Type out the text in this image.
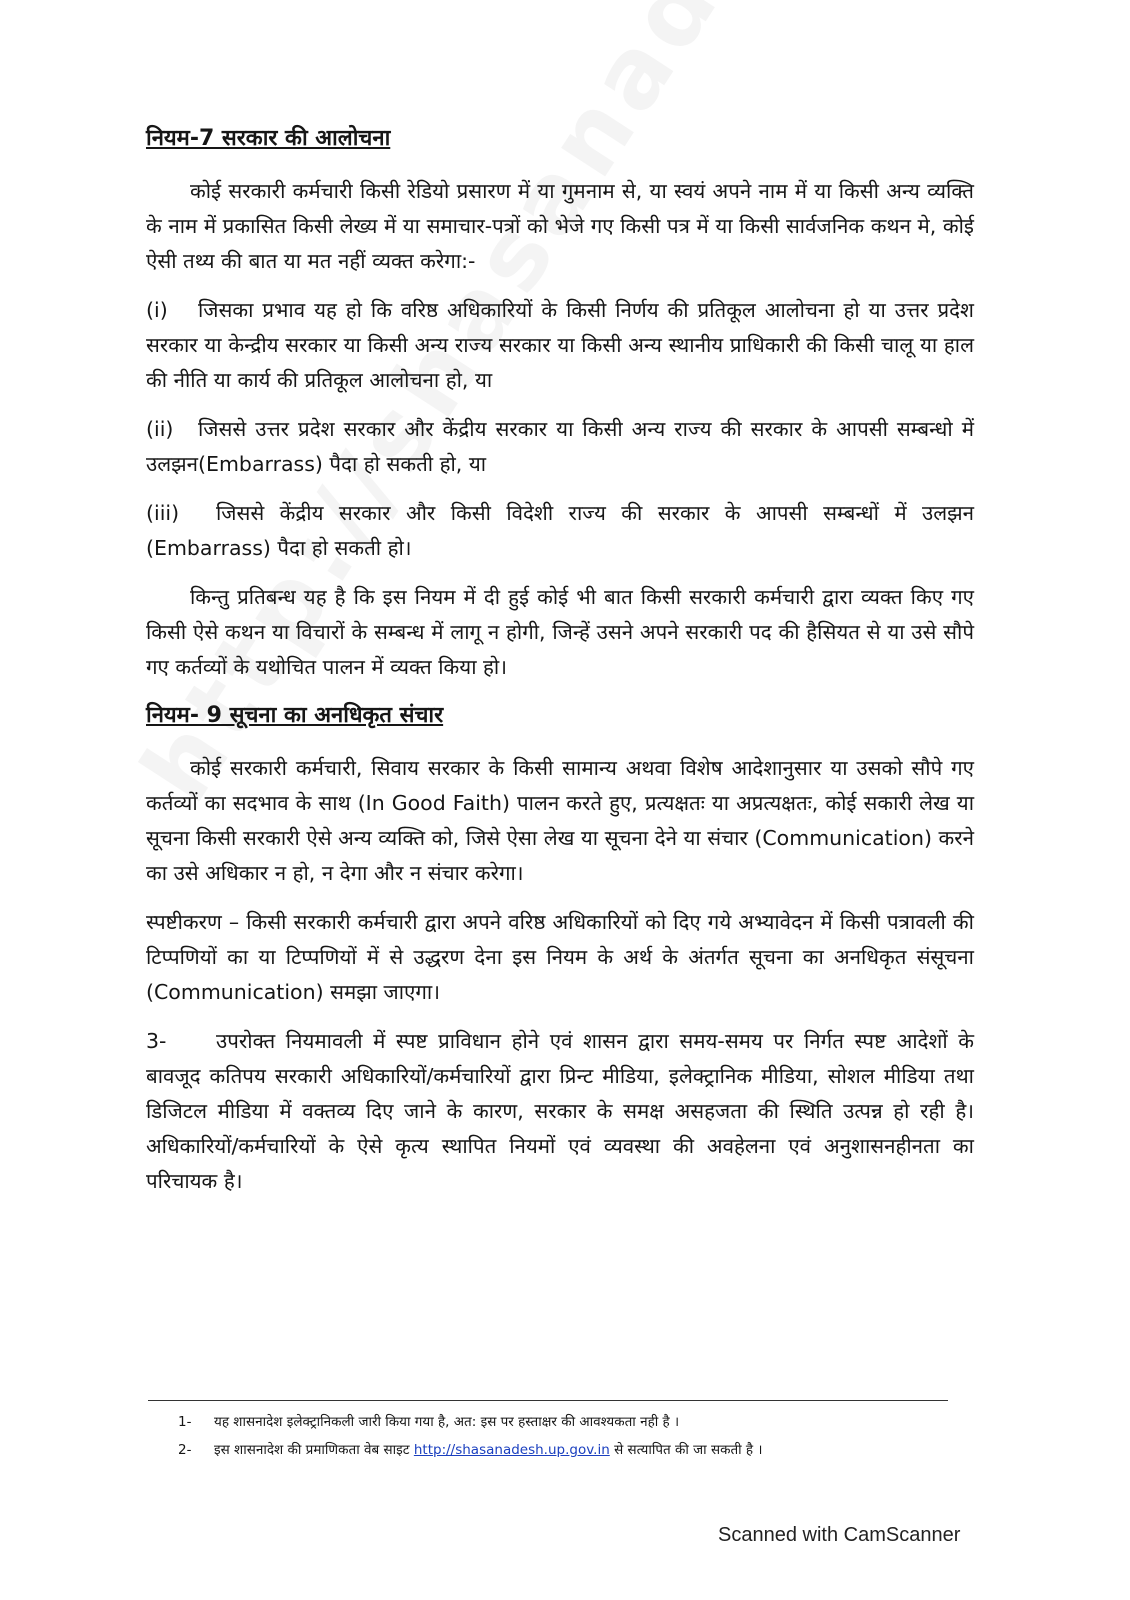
नियम-7 सरकार की आलोचना

कोई सरकारी कर्मचारी किसी रेडियो प्रसारण में या गुमनाम से, या स्वयं अपने नाम में या किसी अन्य व्यक्ति के नाम में प्रकासित किसी लेख्य में या समाचार-पत्रों को भेजे गए किसी पत्र में या किसी सार्वजनिक कथन मे, कोई ऐसी तथ्य की बात या मत नहीं व्यक्त करेगा:-

(i) जिसका प्रभाव यह हो कि वरिष्ठ अधिकारियों के किसी निर्णय की प्रतिकूल आलोचना हो या उत्तर प्रदेश सरकार या केन्द्रीय सरकार या किसी अन्य राज्य सरकार या किसी अन्य स्थानीय प्राधिकारी की किसी चालू या हाल की नीति या कार्य की प्रतिकूल आलोचना हो, या

(ii) जिससे उत्तर प्रदेश सरकार और केंद्रीय सरकार या किसी अन्य राज्य की सरकार के आपसी सम्बन्धो में उलझन(Embarrass) पैदा हो सकती हो, या

(iii) जिससे केंद्रीय सरकार और किसी विदेशी राज्य की सरकार के आपसी सम्बन्धों में उलझन (Embarrass) पैदा हो सकती हो।

किन्तु प्रतिबन्ध यह है कि इस नियम में दी हुई कोई भी बात किसी सरकारी कर्मचारी द्वारा व्यक्त किए गए किसी ऐसे कथन या विचारों के सम्बन्ध में लागू न होगी, जिन्हें उसने अपने सरकारी पद की हैसियत से या उसे सौपे गए कर्तव्यों के यथोचित पालन में व्यक्त किया हो।

नियम- 9 सूचना का अनधिकृत संचार

कोई सरकारी कर्मचारी, सिवाय सरकार के किसी सामान्य अथवा विशेष आदेशानुसार या उसको सौपे गए कर्तव्यों का सदभाव के साथ (In Good Faith) पालन करते हुए, प्रत्यक्षतः या अप्रत्यक्षतः, कोई सकारी लेख या सूचना किसी सरकारी ऐसे अन्य व्यक्ति को, जिसे ऐसा लेख या सूचना देने या संचार (Communication) करने का उसे अधिकार न हो, न देगा और न संचार करेगा।

स्पष्टीकरण – किसी सरकारी कर्मचारी द्वारा अपने वरिष्ठ अधिकारियों को दिए गये अभ्यावेदन में किसी पत्रावली की टिप्पणियों का या टिप्पणियों में से उद्धरण देना इस नियम के अर्थ के अंतर्गत सूचना का अनधिकृत संसूचना (Communication) समझा जाएगा।

3- उपरोक्त नियमावली में स्पष्ट प्राविधान होने एवं शासन द्वारा समय-समय पर निर्गत स्पष्ट आदेशों के बावजूद कतिपय सरकारी अधिकारियों/कर्मचारियों द्वारा प्रिन्ट मीडिया, इलेक्ट्रानिक मीडिया, सोशल मीडिया तथा डिजिटल मीडिया में वक्तव्य दिए जाने के कारण, सरकार के समक्ष असहजता की स्थिति उत्पन्न हो रही है। अधिकारियों/कर्मचारियों के ऐसे कृत्य स्थापित नियमों एवं व्यवस्था की अवहेलना एवं अनुशासनहीनता का परिचायक है।

1-	यह शासनादेश इलेक्ट्रानिकली जारी किया गया है, अत: इस पर हस्ताक्षर की आवश्यकता नही है ।
2-	इस शासनादेश की प्रमाणिकता वेब साइट http://shasanadesh.up.gov.in से सत्यापित की जा सकती है ।
Scanned with CamScanner
